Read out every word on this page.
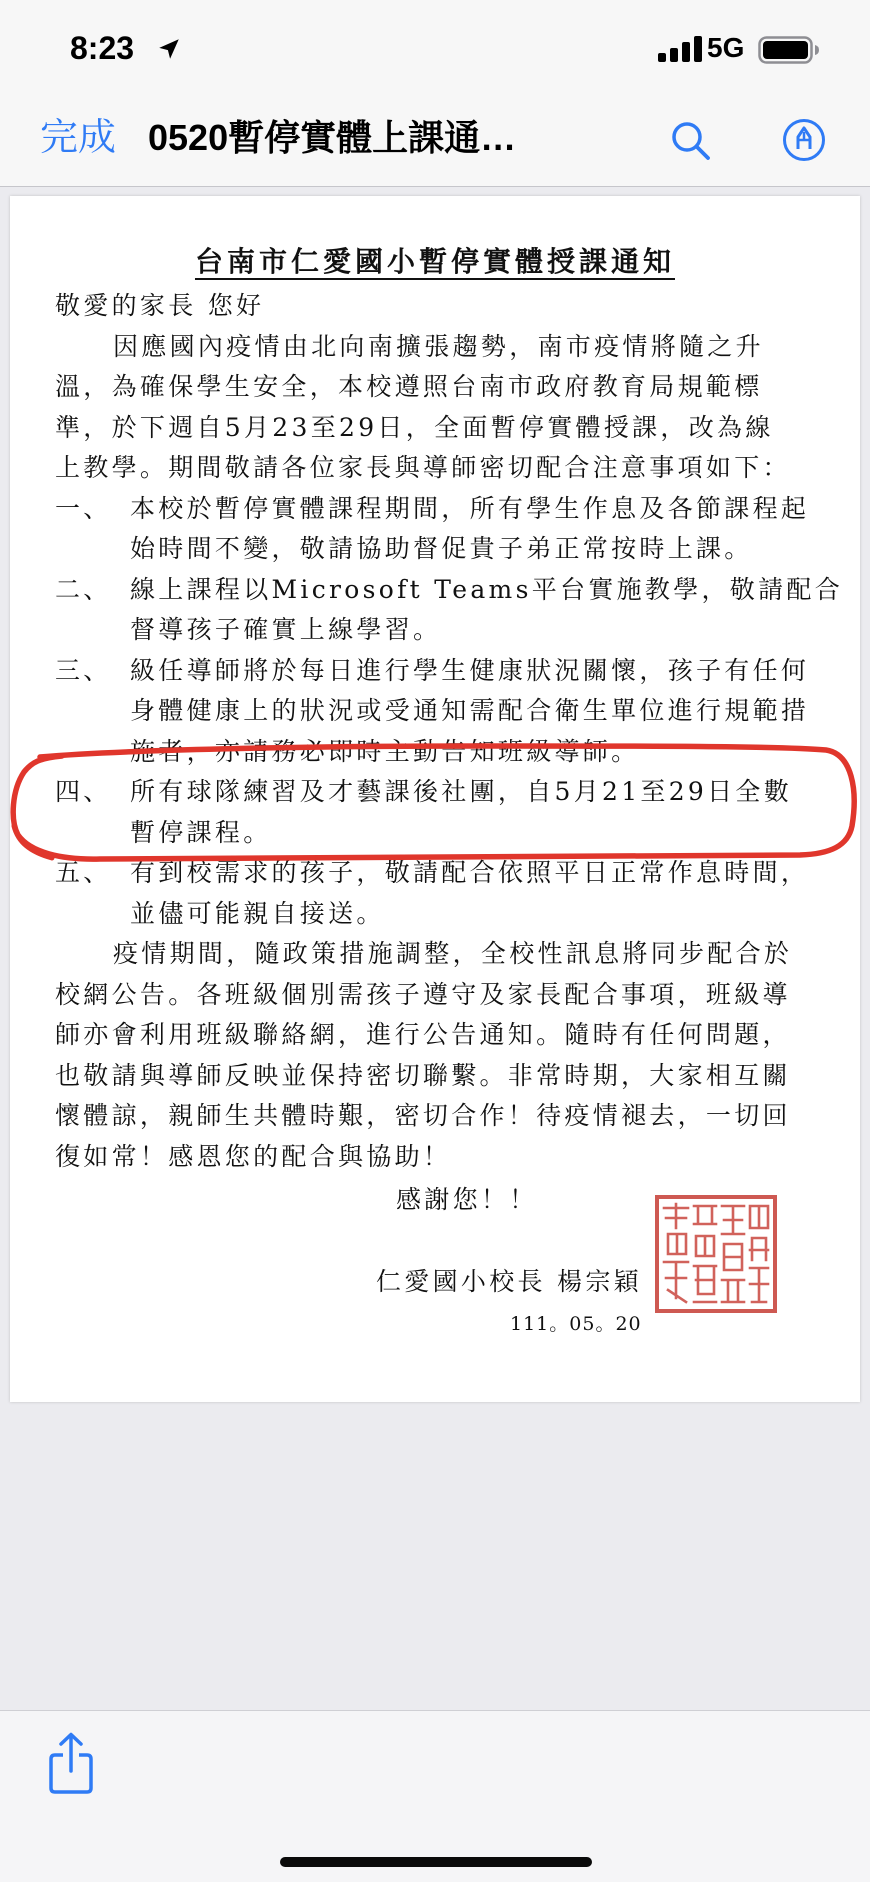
8:23	5G
完成 0520暫停實體上課通…
台南市仁愛國小暫停實體授課通知
敬愛的家長 您好
因應國內疫情由北向南擴張趨勢，南市疫情將隨之升
溫，為確保學生安全，本校遵照台南市政府教育局規範標
準，於下週自5月23至29日，全面暫停實體授課，改為線
上教學。期間敬請各位家長與導師密切配合注意事項如下：
一、 本校於暫停實體課程期間，所有學生作息及各節課程起
始時間不變，敬請協助督促貴子弟正常按時上課。
二、 線上課程以Microsoft Teams平台實施教學，敬請配合
督導孩子確實上線學習。
三、 級任導師將於每日進行學生健康狀況關懷，孩子有任何
身體健康上的狀況或受通知需配合衛生單位進行規範措
施者，亦請務必即時主動告知班級導師。
四、 所有球隊練習及才藝課後社團，自5月21至29日全數
暫停課程。
五、 有到校需求的孩子，敬請配合依照平日正常作息時間，
並儘可能親自接送。
疫情期間，隨政策措施調整，全校性訊息將同步配合於
校網公告。各班級個別需孩子遵守及家長配合事項，班級導
師亦會利用班級聯絡網，進行公告通知。隨時有任何問題，
也敬請與導師反映並保持密切聯繫。非常時期，大家相互關
懷體諒，親師生共體時艱，密切合作！待疫情褪去，一切回
復如常！感恩您的配合與協助！
感謝您！！
仁愛國小校長 楊宗穎
111。05。20
